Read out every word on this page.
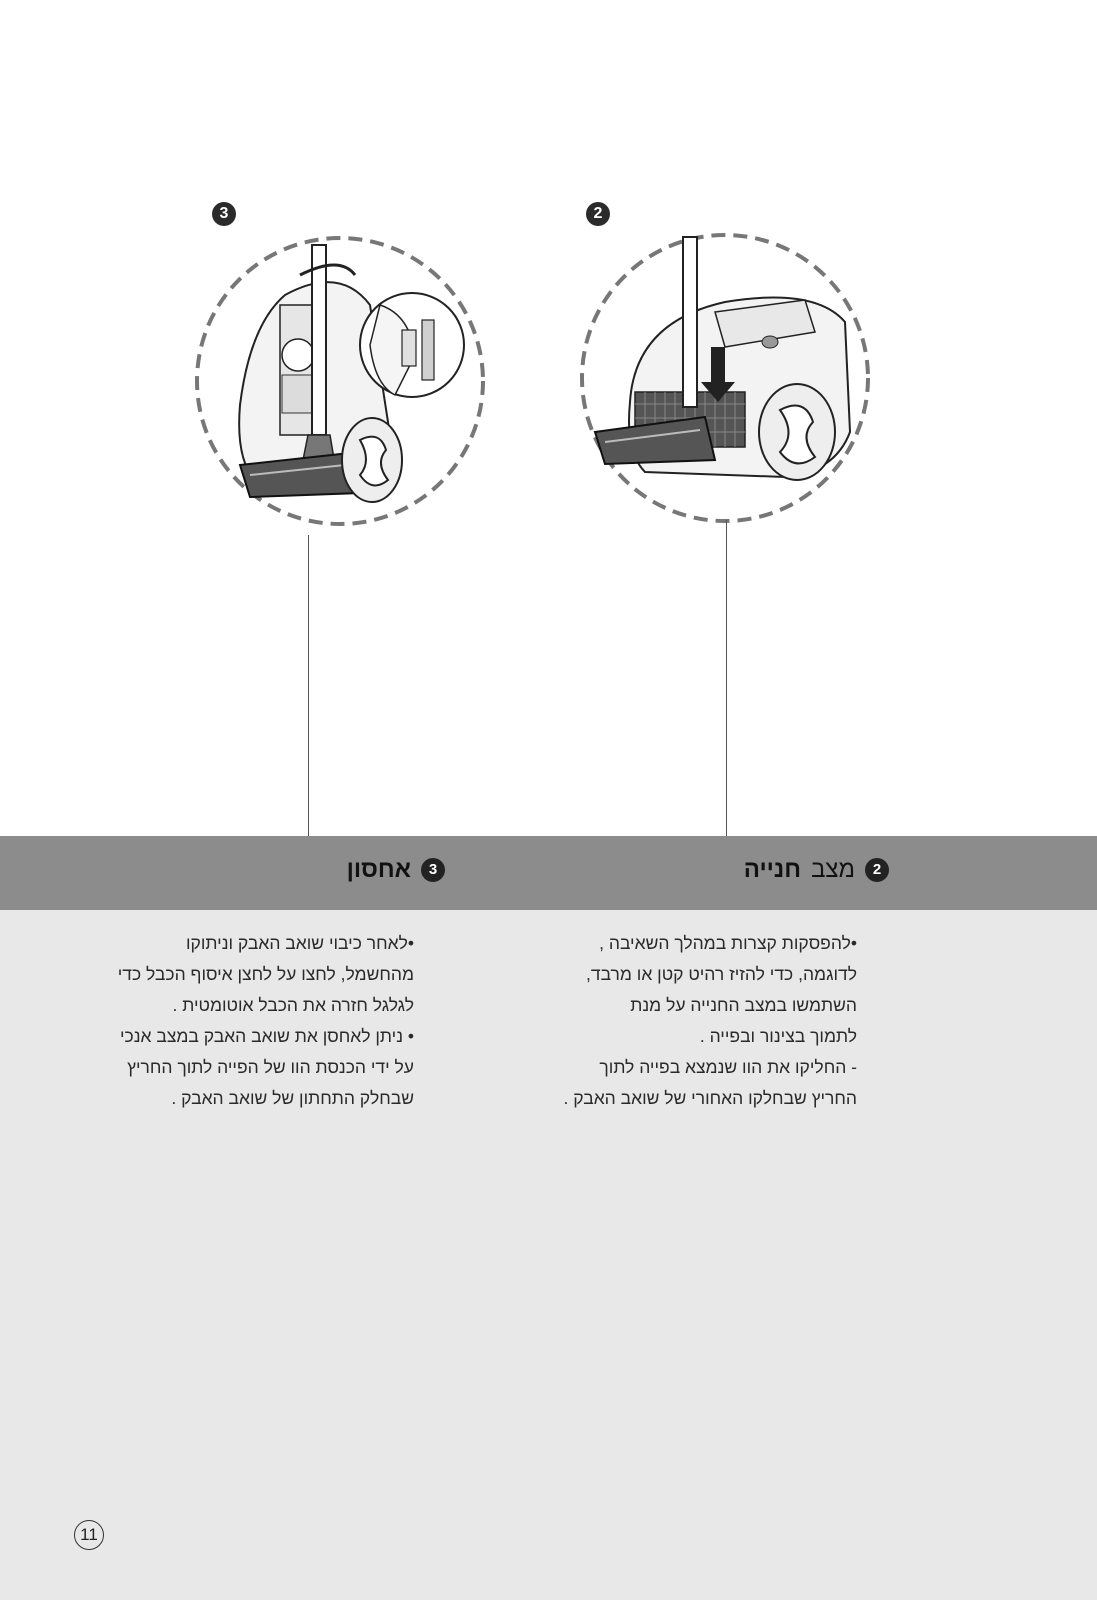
3	2
2
מצב
חנייה
3
אחסון

•להפסקות קצרות במהלך השאיבה ,

לדוגמה, כדי להזיז רהיט קטן או מרבד,

השתמשו במצב החנייה על מנת

לתמוך בצינור ובפייה .

- החליקו את הוו שנמצא בפייה לתוך

החריץ שבחלקו האחורי של שואב האבק .

•לאחר כיבוי שואב האבק וניתוקו

מהחשמל, לחצו על לחצן איסוף הכבל כדי

לגלגל חזרה את הכבל אוטומטית .

• ניתן לאחסן את שואב האבק במצב אנכי

על ידי הכנסת הוו של הפייה לתוך החריץ

שבחלק התחתון של שואב האבק .

11
